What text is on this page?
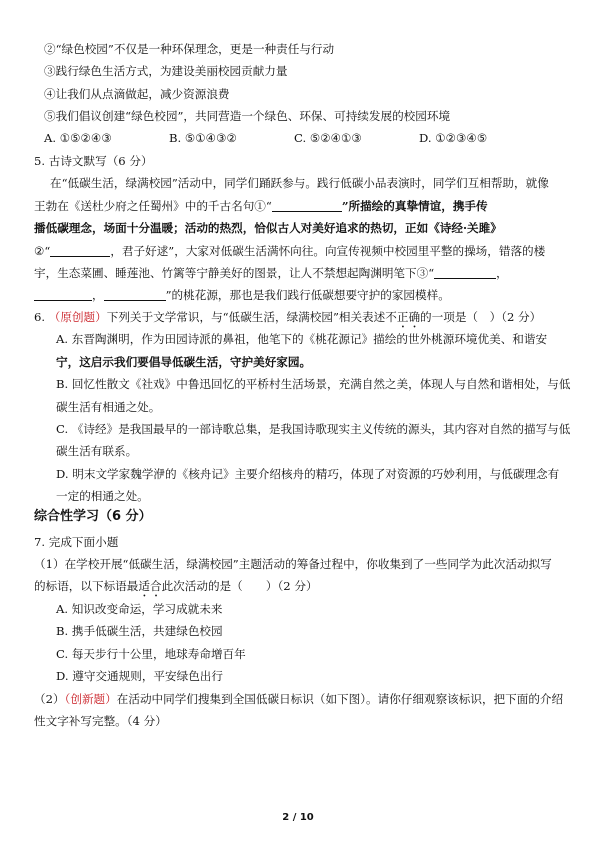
②“绿色校园”不仅是一种环保理念，更是一种责任与行动
③践行绿色生活方式，为建设美丽校园贡献力量
④让我们从点滴做起，减少资源浪费
⑤我们倡议创建“绿色校园”，共同营造一个绿色、环保、可持续发展的校园环境
A. ①⑤②④③	B. ⑤①④③②	C. ⑤②④①③	D. ①②③④⑤
5. 古诗文默写（6 分）
在“低碳生活，绿满校园”活动中，同学们踊跃参与。践行低碳小品表演时，同学们互相帮助，就像
王勃在《送杜少府之任蜀州》中的千古名句①“	”所描绘的真挚情谊，携手传
播低碳理念，场面十分温暖；活动的热烈，恰似古人对美好追求的热切，正如《诗经·关雎》
②“	，君子好逑”，大家对低碳生活满怀向往。向宣传视频中校园里平整的操场，错落的楼
宇，生态菜圃、睡莲池、竹篱等宁静美好的图景，让人不禁想起陶渊明笔下③“	，
，	”的桃花源，那也是我们践行低碳想要守护的家园模样。
6. （原创题）下列关于文学常识，与“低碳生活，绿满校园”相关表述不正确的一项是（　）（2 分）
A. 东晋陶渊明，作为田园诗派的鼻祖，他笔下的《桃花源记》描绘的世外桃源环境优美、和谐安
宁，这启示我们要倡导低碳生活，守护美好家园。
B. 回忆性散文《社戏》中鲁迅回忆的平桥村生活场景，充满自然之美，体现人与自然和谐相处，与低
碳生活有相通之处。
C. 《诗经》是我国最早的一部诗歌总集，是我国诗歌现实主义传统的源头，其内容对自然的描写与低
碳生活有联系。
D. 明末文学家魏学洢的《核舟记》主要介绍核舟的精巧，体现了对资源的巧妙利用，与低碳理念有
一定的相通之处。
综合性学习（6 分）
7. 完成下面小题
（1）在学校开展“低碳生活，绿满校园”主题活动的筹备过程中，你收集到了一些同学为此次活动拟写
的标语，以下标语最适合此次活动的是（　　）（2 分）
A. 知识改变命运，学习成就未来
B. 携手低碳生活，共建绿色校园
C. 每天步行十公里，地球寿命增百年
D. 遵守交通规则，平安绿色出行
（2）（创新题）在活动中同学们搜集到全国低碳日标识（如下图）。请你仔细观察该标识，把下面的介绍
性文字补写完整。（4 分）
2 / 10
